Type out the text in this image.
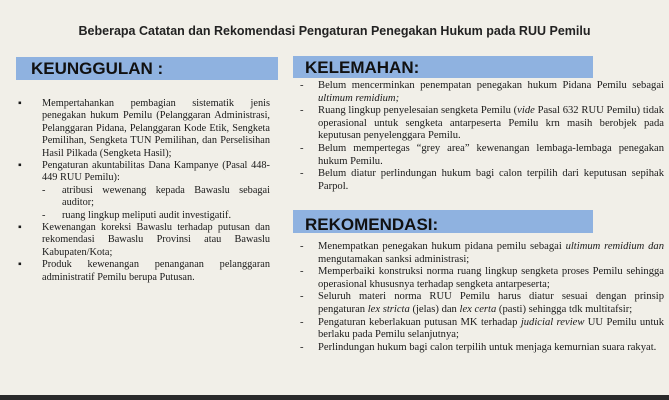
Beberapa Catatan dan Rekomendasi Pengaturan Penegakan Hukum pada RUU Pemilu
KEUNGGULAN :
▪ Mempertahankan pembagian sistematik jenis penegakan hukum Pemilu (Pelanggaran Administrasi, Pelanggaran Pidana, Pelanggaran Kode Etik, Sengketa Pemilihan, Sengketa TUN Pemilihan, dan Perselisihan Hasil Pilkada (Sengketa Hasil);
▪ Pengaturan akuntabilitas Dana Kampanye (Pasal 448-449 RUU Pemilu):
- atribusi wewenang kepada Bawaslu sebagai auditor;
- ruang lingkup meliputi audit investigatif.
▪ Kewenangan koreksi Bawaslu terhadap putusan dan rekomendasi Bawaslu Provinsi atau Bawaslu Kabupaten/Kota;
▪ Produk kewenangan penanganan pelanggaran administratif Pemilu berupa Putusan.
KELEMAHAN:
- Belum mencerminkan penempatan penegakan hukum Pidana Pemilu sebagai ultimum remidium;
- Ruang lingkup penyelesaian sengketa Pemilu (vide Pasal 632 RUU Pemilu) tidak operasional untuk sengketa antarpeserta Pemilu krn masih berobjek pada keputusan penyelenggara Pemilu.
- Belum mempertegas “grey area” kewenangan lembaga-lembaga penegakan hukum Pemilu.
- Belum diatur perlindungan hukum bagi calon terpilih dari keputusan sepihak Parpol.
REKOMENDASI:
- Menempatkan penegakan hukum pidana pemilu sebagai ultimum remidium dan mengutamakan sanksi administrasi;
- Memperbaiki konstruksi norma ruang lingkup sengketa proses Pemilu sehingga operasional khususnya terhadap sengketa antarpeserta;
- Seluruh materi norma RUU Pemilu harus diatur sesuai dengan prinsip pengaturan lex stricta (jelas) dan lex certa (pasti) sehingga tdk multitafsir;
- Pengaturan keberlakuan putusan MK terhadap judicial review UU Pemilu untuk berlaku pada Pemilu selanjutnya;
- Perlindungan hukum bagi calon terpilih untuk menjaga kemurnian suara rakyat.
